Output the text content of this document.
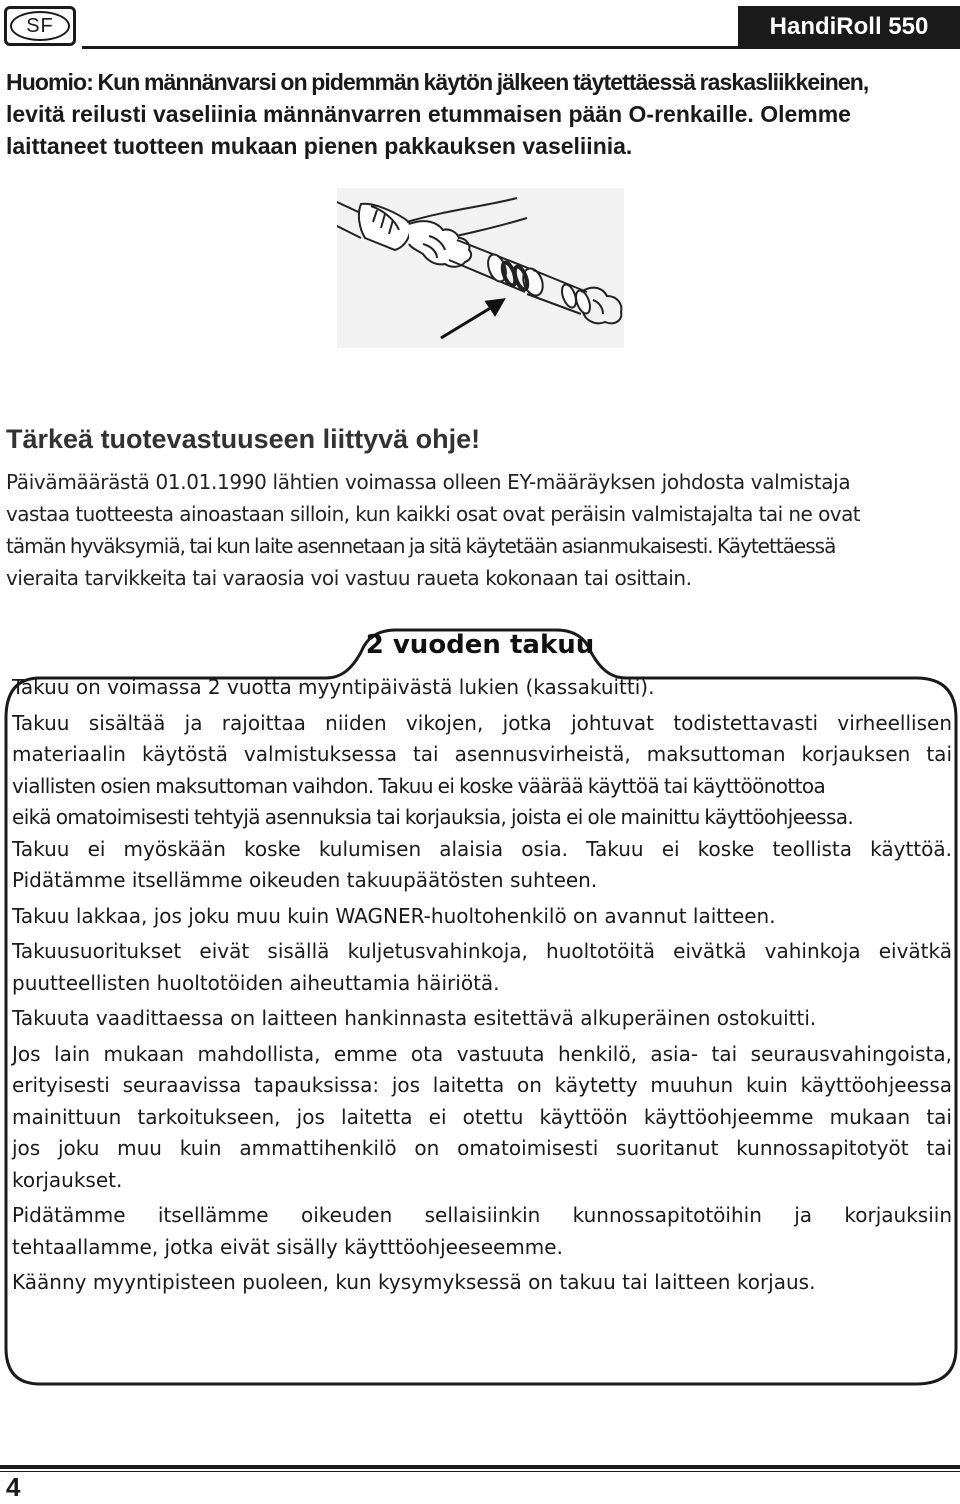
SF	HandiRoll 550

Huomio: Kun männänvarsi on pidemmän käytön jälkeen täytettäessä raskasliikkeinen,
levitä reilusti vaseliinia männänvarren etummaisen pään O-renkaille. Olemme
laittaneet tuotteen mukaan pienen pakkauksen vaseliinia.

Tärkeä tuotevastuuseen liittyvä ohje!

Päivämäärästä 01.01.1990 lähtien voimassa olleen EY-määräyksen johdosta valmistaja
vastaa tuotteesta ainoastaan silloin, kun kaikki osat ovat peräisin valmistajalta tai ne ovat
tämän hyväksymiä, tai kun laite asennetaan ja sitä käytetään asianmukaisesti. Käytettäessä
vieraita tarvikkeita tai varaosia voi vastuu raueta kokonaan tai osittain.

2 vuoden takuu

Takuu on voimassa 2 vuotta myyntipäivästä lukien (kassakuitti).

Takuu sisältää ja rajoittaa niiden vikojen, jotka johtuvat todistettavasti virheellisen
materiaalin käytöstä valmistuksessa tai asennusvirheistä, maksuttoman korjauksen tai
viallisten osien maksuttoman vaihdon. Takuu ei koske väärää käyttöä tai käyttöönottoa
eikä omatoimisesti tehtyjä asennuksia tai korjauksia, joista ei ole mainittu käyttöohjeessa.
Takuu ei myöskään koske kulumisen alaisia osia. Takuu ei koske teollista käyttöä.
Pidätämme itsellämme oikeuden takuupäätösten suhteen.

Takuu lakkaa, jos joku muu kuin WAGNER-huoltohenkilö on avannut laitteen.

Takuusuoritukset eivät sisällä kuljetusvahinkoja, huoltotöitä eivätkä vahinkoja eivätkä
puutteellisten huoltotöiden aiheuttamia häiriötä.

Takuuta vaadittaessa on laitteen hankinnasta esitettävä alkuperäinen ostokuitti.

Jos lain mukaan mahdollista, emme ota vastuuta henkilö, asia- tai seurausvahingoista,
erityisesti seuraavissa tapauksissa: jos laitetta on käytetty muuhun kuin käyttöohjeessa
mainittuun tarkoitukseen, jos laitetta ei otettu käyttöön käyttöohjeemme mukaan tai
jos joku muu kuin ammattihenkilö on omatoimisesti suoritanut kunnossapitotyöt tai
korjaukset.

Pidätämme itsellämme oikeuden sellaisiinkin kunnossapitotöihin ja korjauksiin
tehtaallamme, jotka eivät sisälly käytttöohjeeseemme.

Käänny myyntipisteen puoleen, kun kysymyksessä on takuu tai laitteen korjaus.

4
